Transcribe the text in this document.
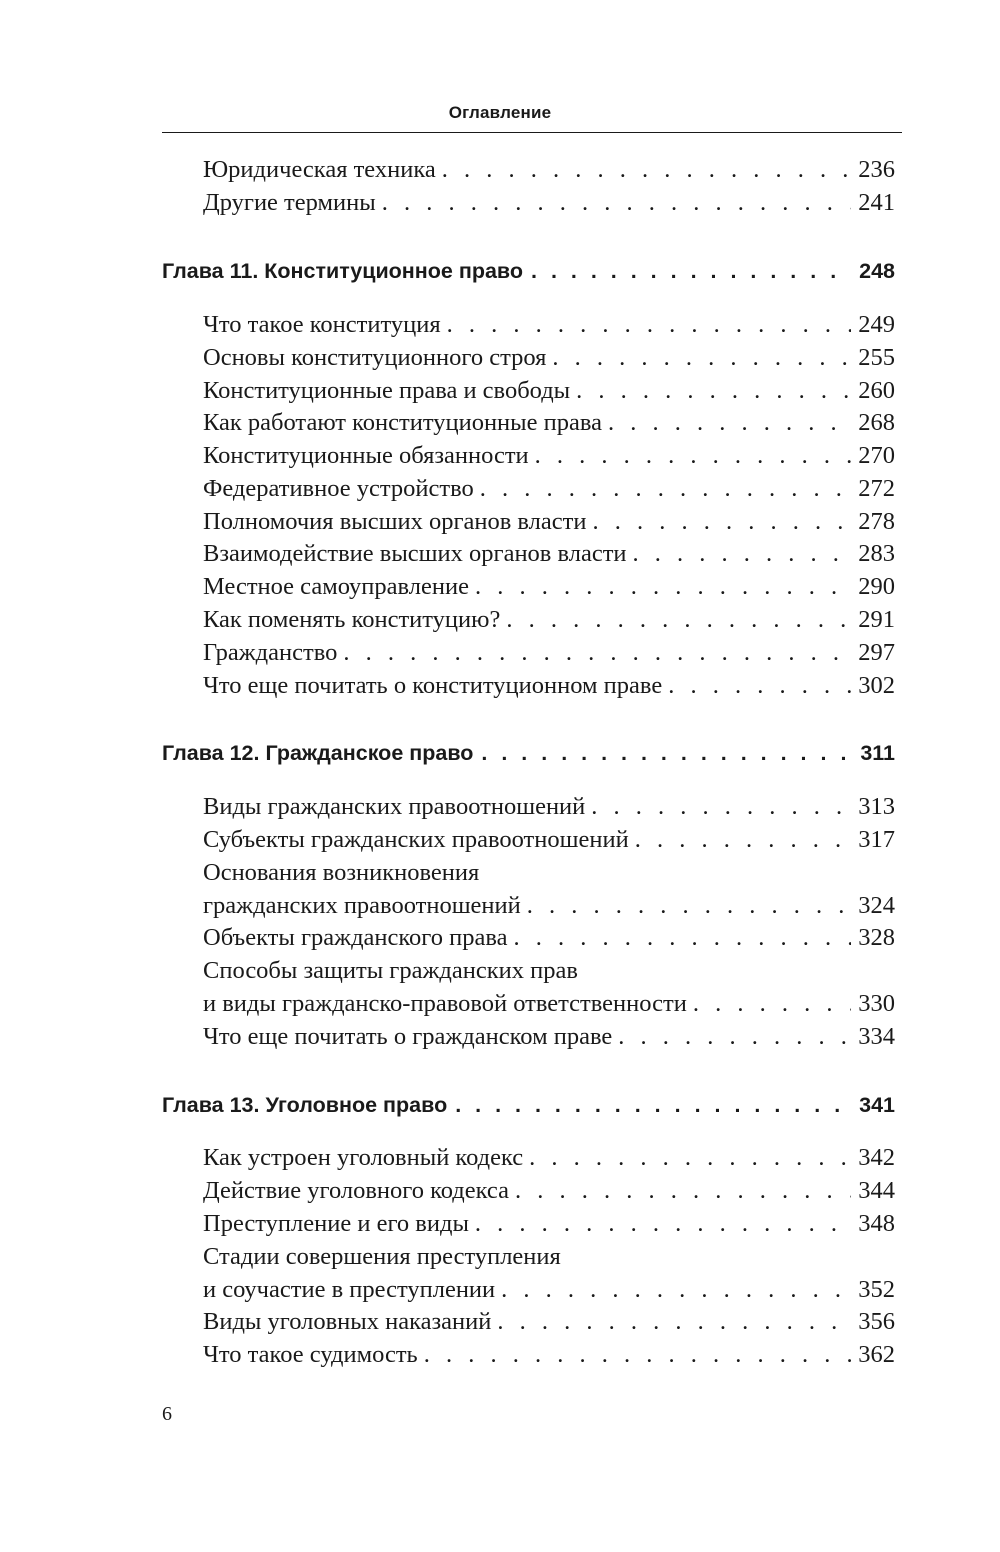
Оглавление
Юридическая техника . . .	236
Другие термины . . .	241
Глава 11. Конституционное право . . .	248
Что такое конституция . . .	249
Основы конституционного строя . . .	255
Конституционные права и свободы . . .	260
Как работают конституционные права . . .	268
Конституционные обязанности . . .	270
Федеративное устройство . . .	272
Полномочия высших органов власти . . .	278
Взаимодействие высших органов власти . . .	283
Местное самоуправление . . .	290
Как поменять конституцию? . . .	291
Гражданство . . .	297
Что еще почитать о конституционном праве . . .	302
Глава 12. Гражданское право . . .	311
Виды гражданских правоотношений . . .	313
Субъекты гражданских правоотношений . . .	317
Основания возникновения
гражданских правоотношений . . .	324
Объекты гражданского права . . .	328
Способы защиты гражданских прав
и виды гражданско-правовой ответственности . . .	330
Что еще почитать о гражданском праве . . .	334
Глава 13. Уголовное право . . .	341
Как устроен уголовный кодекс . . .	342
Действие уголовного кодекса . . .	344
Преступление и его виды . . .	348
Стадии совершения преступления
и соучастие в преступлении . . .	352
Виды уголовных наказаний . . .	356
Что такое судимость . . .	362
6
